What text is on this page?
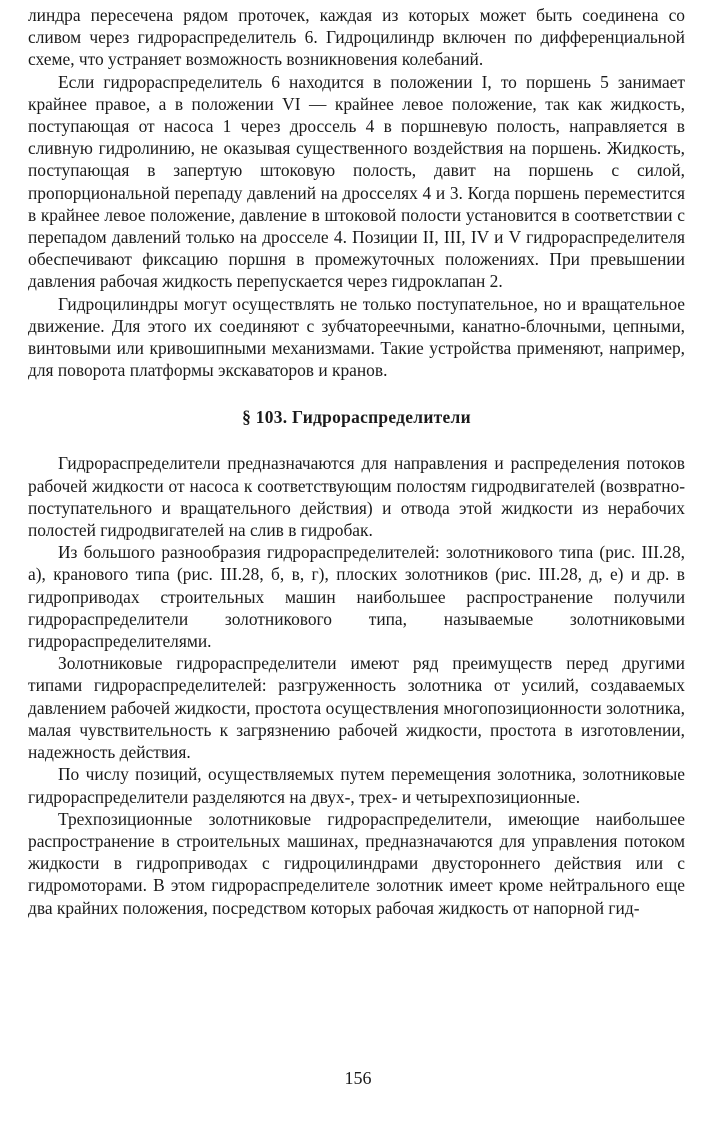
линдра пересечена рядом проточек, каждая из которых может быть соединена со сливом через гидрораспределитель 6. Гидроцилиндр включен по дифференциальной схеме, что устраняет возможность возникновения колебаний.

Если гидрораспределитель 6 находится в положении I, то поршень 5 занимает крайнее правое, а в положении VI — крайнее левое положение, так как жидкость, поступающая от насоса 1 через дроссель 4 в поршневую полость, направляется в сливную гидролинию, не оказывая существенного воздействия на поршень. Жидкость, поступающая в запертую штоковую полость, давит на поршень с силой, пропорциональной перепаду давлений на дросселях 4 и 3. Когда поршень переместится в крайнее левое положение, давление в штоковой полости установится в соответствии с перепадом давлений только на дросселе 4. Позиции II, III, IV и V гидрораспределителя обеспечивают фиксацию поршня в промежуточных положениях. При превышении давления рабочая жидкость перепускается через гидроклапан 2.

Гидроцилиндры могут осуществлять не только поступательное, но и вращательное движение. Для этого их соединяют с зубчатореечными, канатно-блочными, цепными, винтовыми или кривошипными механизмами. Такие устройства применяют, например, для поворота платформы экскаваторов и кранов.

§ 103. Гидрораспределители

Гидрораспределители предназначаются для направления и распределения потоков рабочей жидкости от насоса к соответствующим полостям гидродвигателей (возвратно-поступательного и вращательного действия) и отвода этой жидкости из нерабочих полостей гидродвигателей на слив в гидробак.

Из большого разнообразия гидрораспределителей: золотникового типа (рис. III.28, а), кранового типа (рис. III.28, б, в, г), плоских золотников (рис. III.28, д, е) и др. в гидроприводах строительных машин наибольшее распространение получили гидрораспределители золотникового типа, называемые золотниковыми гидрораспределителями.

Золотниковые гидрораспределители имеют ряд преимуществ перед другими типами гидрораспределителей: разгруженность золотника от усилий, создаваемых давлением рабочей жидкости, простота осуществления многопозиционности золотника, малая чувствительность к загрязнению рабочей жидкости, простота в изготовлении, надежность действия.

По числу позиций, осуществляемых путем перемещения золотника, золотниковые гидрораспределители разделяются на двух-, трех- и четырехпозиционные.

Трехпозиционные золотниковые гидрораспределители, имеющие наибольшее распространение в строительных машинах, предназначаются для управления потоком жидкости в гидроприводах с гидроцилиндрами двустороннего действия или с гидромоторами. В этом гидрораспределителе золотник имеет кроме нейтрального еще два крайних положения, посредством которых рабочая жидкость от напорной гид-

156
